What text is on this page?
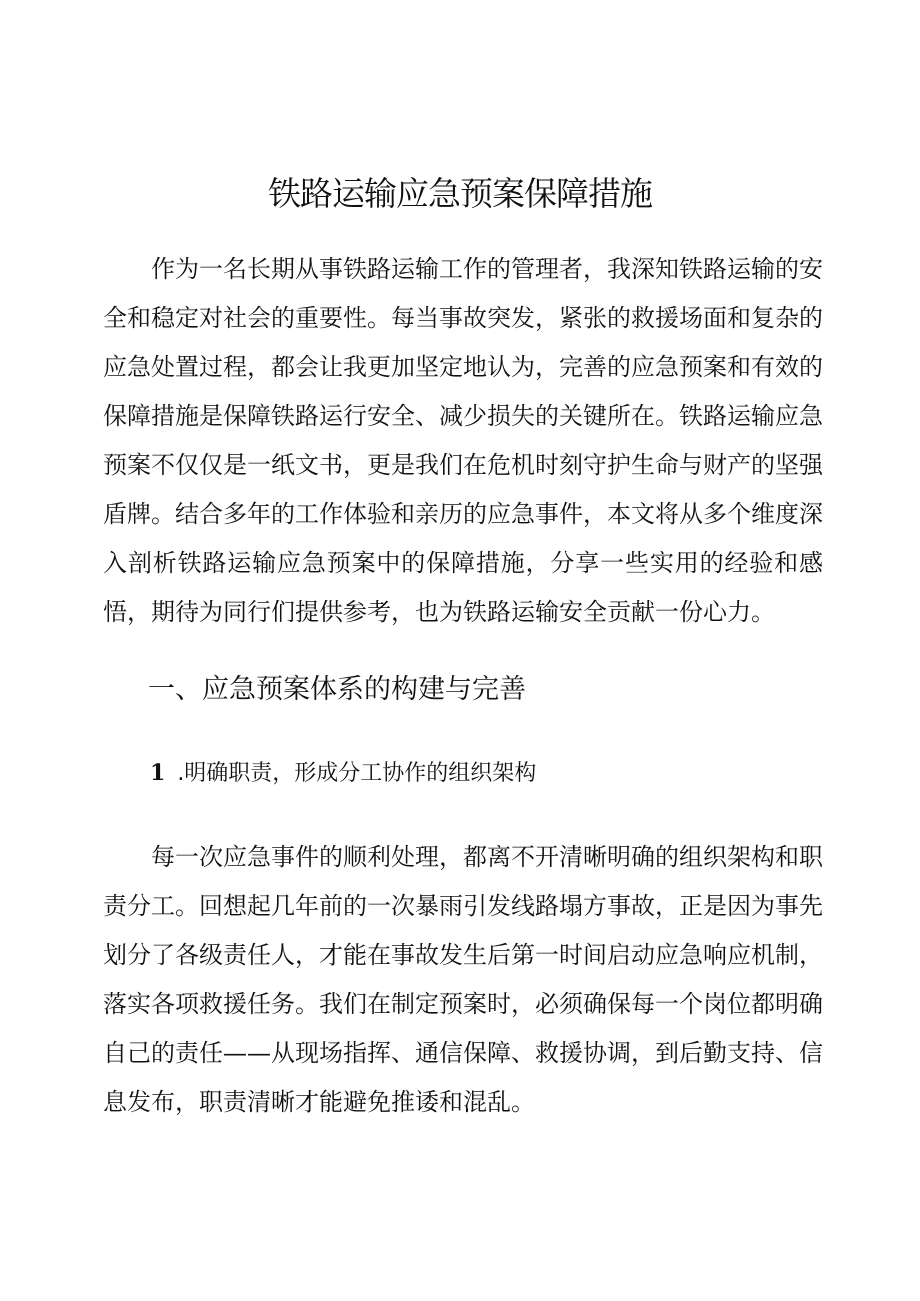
铁路运输应急预案保障措施

作为一名长期从事铁路运输工作的管理者，我深知铁路运输的安全和稳定对社会的重要性。每当事故突发，紧张的救援场面和复杂的应急处置过程，都会让我更加坚定地认为，完善的应急预案和有效的保障措施是保障铁路运行安全、减少损失的关键所在。铁路运输应急预案不仅仅是一纸文书，更是我们在危机时刻守护生命与财产的坚强盾牌。结合多年的工作体验和亲历的应急事件，本文将从多个维度深入剖析铁路运输应急预案中的保障措施，分享一些实用的经验和感悟，期待为同行们提供参考，也为铁路运输安全贡献一份心力。

一、应急预案体系的构建与完善
1 .明确职责，形成分工协作的组织架构

每一次应急事件的顺利处理，都离不开清晰明确的组织架构和职责分工。回想起几年前的一次暴雨引发线路塌方事故，正是因为事先划分了各级责任人，才能在事故发生后第一时间启动应急响应机制，落实各项救援任务。我们在制定预案时，必须确保每一个岗位都明确自己的责任——从现场指挥、通信保障、救援协调，到后勤支持、信息发布，职责清晰才能避免推诿和混乱。
